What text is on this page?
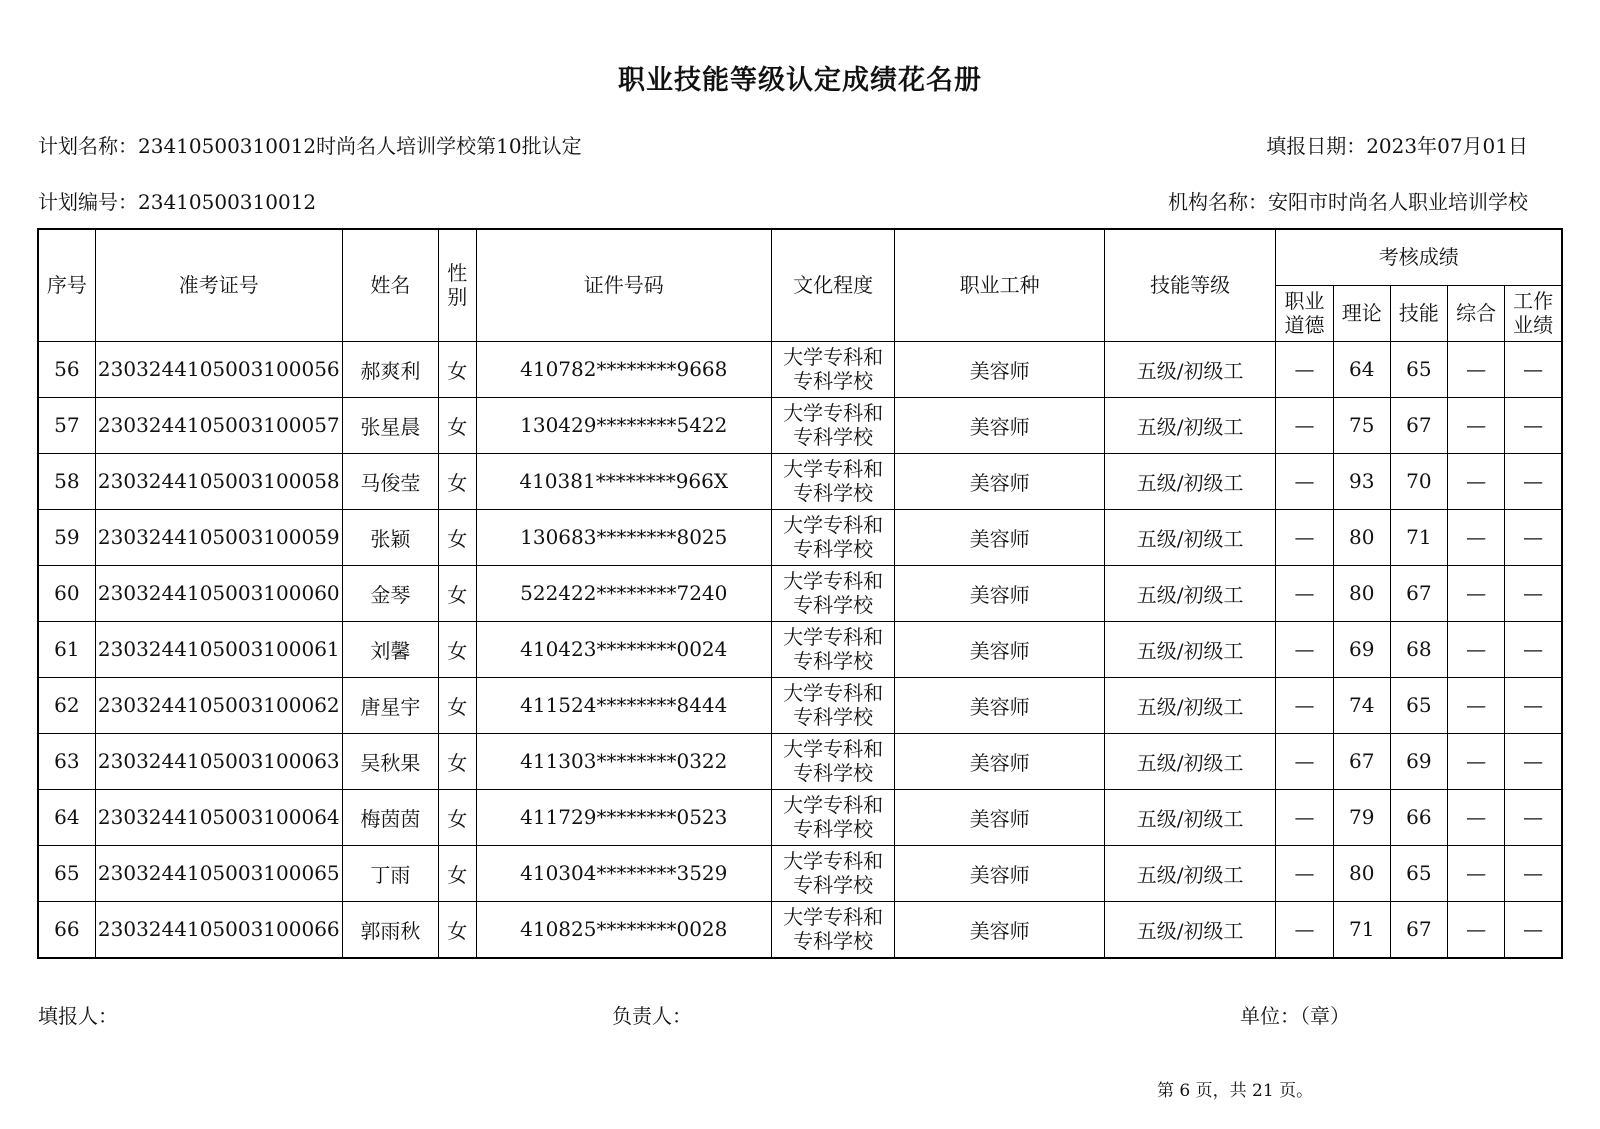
职业技能等级认定成绩花名册
计划名称：23410500310012时尚名人培训学校第10批认定	填报日期：2023年07月01日
计划编号：23410500310012	机构名称：安阳市时尚名人职业培训学校
序号	准考证号	姓名	性别	证件号码	文化程度	职业工种	技能等级	考核成绩				
								职业道德	理论	技能	综合	工作业绩
56	2303244105003100056	郝爽利	女	410782********9668	大学专科和
专科学校	美容师	五级/初级工	—	64	65	—	—
57	2303244105003100057	张星晨	女	130429********5422	大学专科和
专科学校	美容师	五级/初级工	—	75	67	—	—
58	2303244105003100058	马俊莹	女	410381********966X	大学专科和
专科学校	美容师	五级/初级工	—	93	70	—	—
59	2303244105003100059	张颖	女	130683********8025	大学专科和
专科学校	美容师	五级/初级工	—	80	71	—	—
60	2303244105003100060	金琴	女	522422********7240	大学专科和
专科学校	美容师	五级/初级工	—	80	67	—	—
61	2303244105003100061	刘馨	女	410423********0024	大学专科和
专科学校	美容师	五级/初级工	—	69	68	—	—
62	2303244105003100062	唐星宇	女	411524********8444	大学专科和
专科学校	美容师	五级/初级工	—	74	65	—	—
63	2303244105003100063	吴秋果	女	411303********0322	大学专科和
专科学校	美容师	五级/初级工	—	67	69	—	—
64	2303244105003100064	梅茵茵	女	411729********0523	大学专科和
专科学校	美容师	五级/初级工	—	79	66	—	—
65	2303244105003100065	丁雨	女	410304********3529	大学专科和
专科学校	美容师	五级/初级工	—	80	65	—	—
66	2303244105003100066	郭雨秋	女	410825********0028	大学专科和
专科学校	美容师	五级/初级工	—	71	67	—	—
填报人：	负责人：	单位：（章）
第 6 页，共 21 页。
